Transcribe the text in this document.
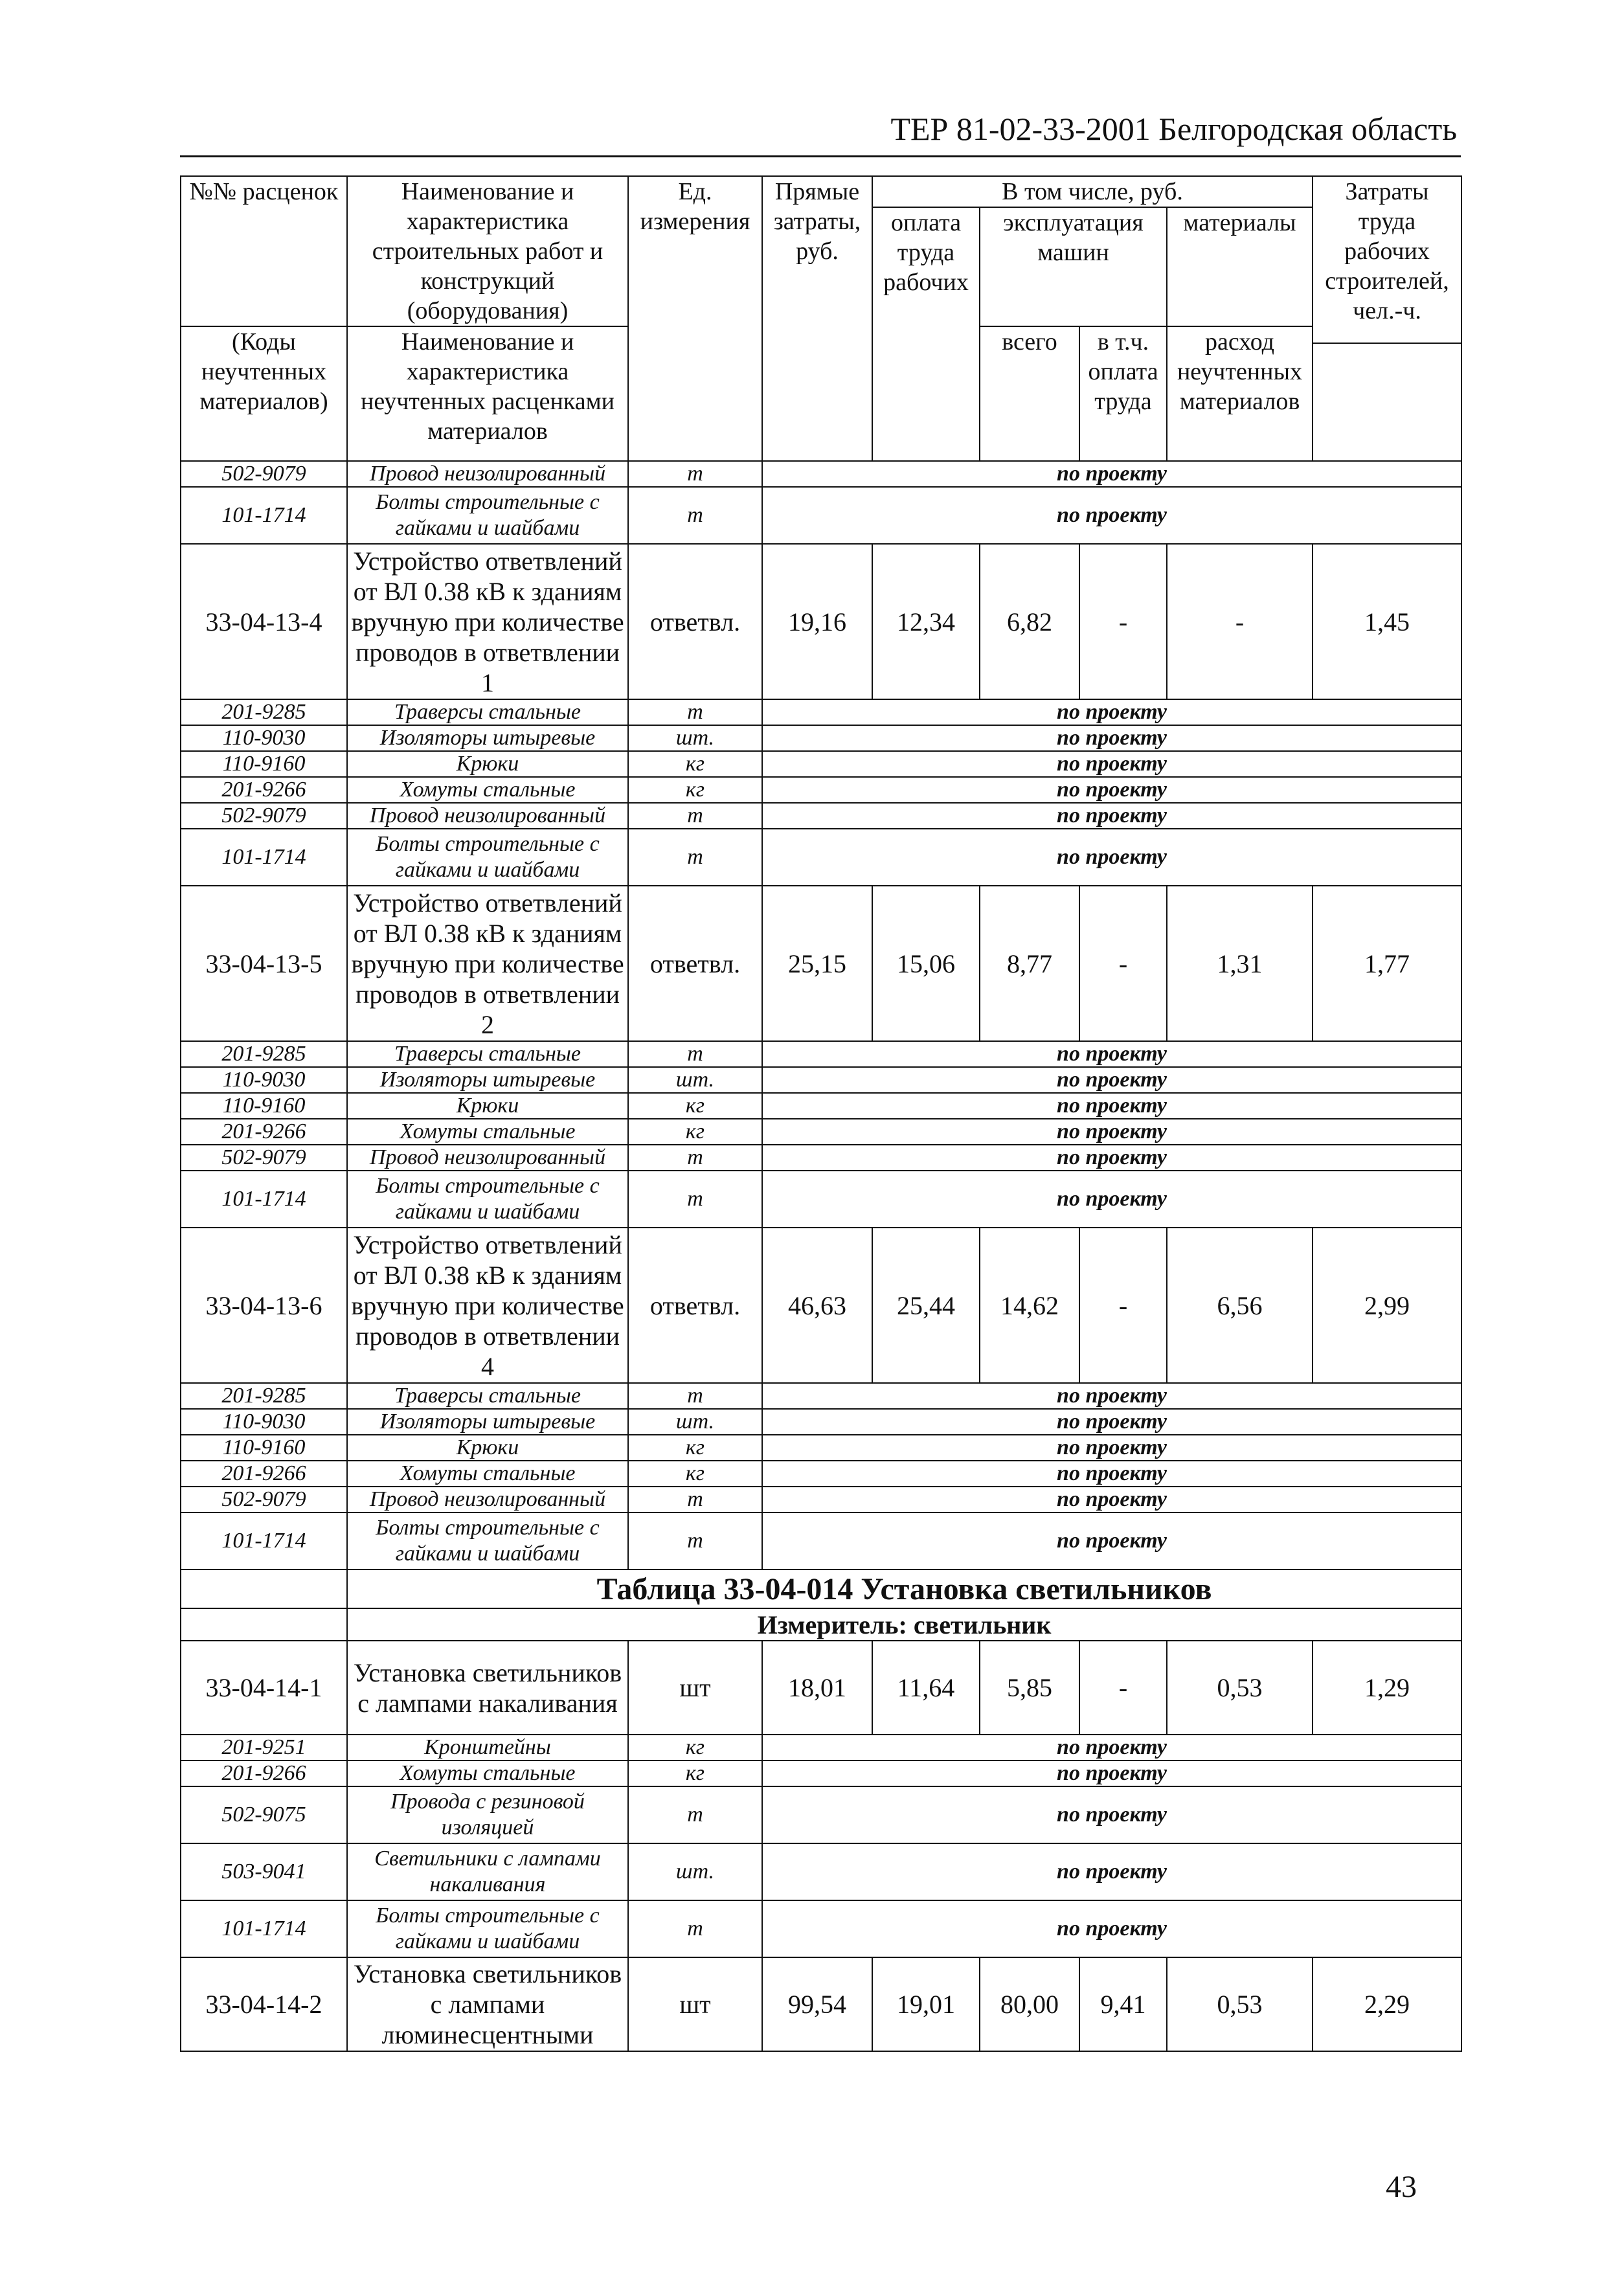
ТЕР 81-02-33-2001 Белгородская область
№№ расценок	Наименование и характеристика строительных работ и конструкций (оборудования)	Ед. измерения	Прямые затраты, руб.	В том числе, руб.				Затраты труда рабочих строителей, чел.-ч.
				оплата труда рабочих	эксплуатация машин		материалы	

(Коды неучтенных материалов)	Наименование и характеристика неучтенных расценками материалов				всего	в т.ч. оплата труда	расход неучтенных материалов	

502-9079	Провод неизолированный	т	по проекту					
101-1714	Болты строительные с гайками и шайбами	т	по проекту					
33-04-13-4	Устройство ответвлений от ВЛ 0.38 кВ к зданиям вручную при количестве проводов в ответвлении 1	ответвл.	19,16	12,34	6,82	-	-	1,45
201-9285	Траверсы стальные	т	по проекту					
110-9030	Изоляторы штыревые	шт.	по проекту					
110-9160	Крюки	кг	по проекту					
201-9266	Хомуты стальные	кг	по проекту					
502-9079	Провод неизолированный	т	по проекту					
101-1714	Болты строительные с гайками и шайбами	т	по проекту					
33-04-13-5	Устройство ответвлений от ВЛ 0.38 кВ к зданиям вручную при количестве проводов в ответвлении 2	ответвл.	25,15	15,06	8,77	-	1,31	1,77
201-9285	Траверсы стальные	т	по проекту					
110-9030	Изоляторы штыревые	шт.	по проекту					
110-9160	Крюки	кг	по проекту					
201-9266	Хомуты стальные	кг	по проекту					
502-9079	Провод неизолированный	т	по проекту					
101-1714	Болты строительные с гайками и шайбами	т	по проекту					
33-04-13-6	Устройство ответвлений от ВЛ 0.38 кВ к зданиям вручную при количестве проводов в ответвлении 4	ответвл.	46,63	25,44	14,62	-	6,56	2,99
201-9285	Траверсы стальные	т	по проекту					
110-9030	Изоляторы штыревые	шт.	по проекту					
110-9160	Крюки	кг	по проекту					
201-9266	Хомуты стальные	кг	по проекту					
502-9079	Провод неизолированный	т	по проекту					
101-1714	Болты строительные с гайками и шайбами	т	по проекту					
	Таблица 33-04-014 Установка светильников							
	Измеритель: светильник							
33-04-14-1	Установка светильников с лампами накаливания	шт	18,01	11,64	5,85	-	0,53	1,29
201-9251	Кронштейны	кг	по проекту					
201-9266	Хомуты стальные	кг	по проекту					
502-9075	Провода с резиновой изоляцией	т	по проекту					
503-9041	Светильники с лампами накаливания	шт.	по проекту					
101-1714	Болты строительные с гайками и шайбами	т	по проекту					
33-04-14-2	Установка светильников с лампами люминесцентными	шт	99,54	19,01	80,00	9,41	0,53	2,29
43
